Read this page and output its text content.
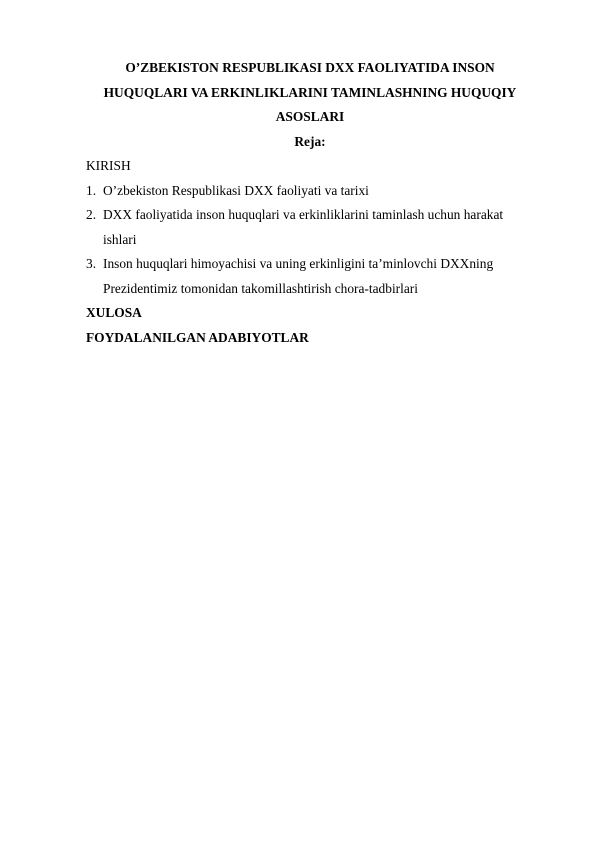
O’ZBEKISTON RESPUBLIKASI DXX FAOLIYATIDA INSON
HUQUQLARI VA ERKINLIKLARINI TAMINLASHNING HUQUQIY
ASOSLARI

Reja:

KIRISH

1. O’zbekiston Respublikasi DXX faoliyati va tarixi
2. DXX faoliyatida inson huquqlari va erkinliklarini taminlash uchun harakat
ishlari
3. Inson huquqlari himoyachisi va uning erkinligini ta’minlovchi DXXning
Prezidentimiz tomonidan takomillashtirish chora-tadbirlari

XULOSA

FOYDALANILGAN ADABIYOTLAR
